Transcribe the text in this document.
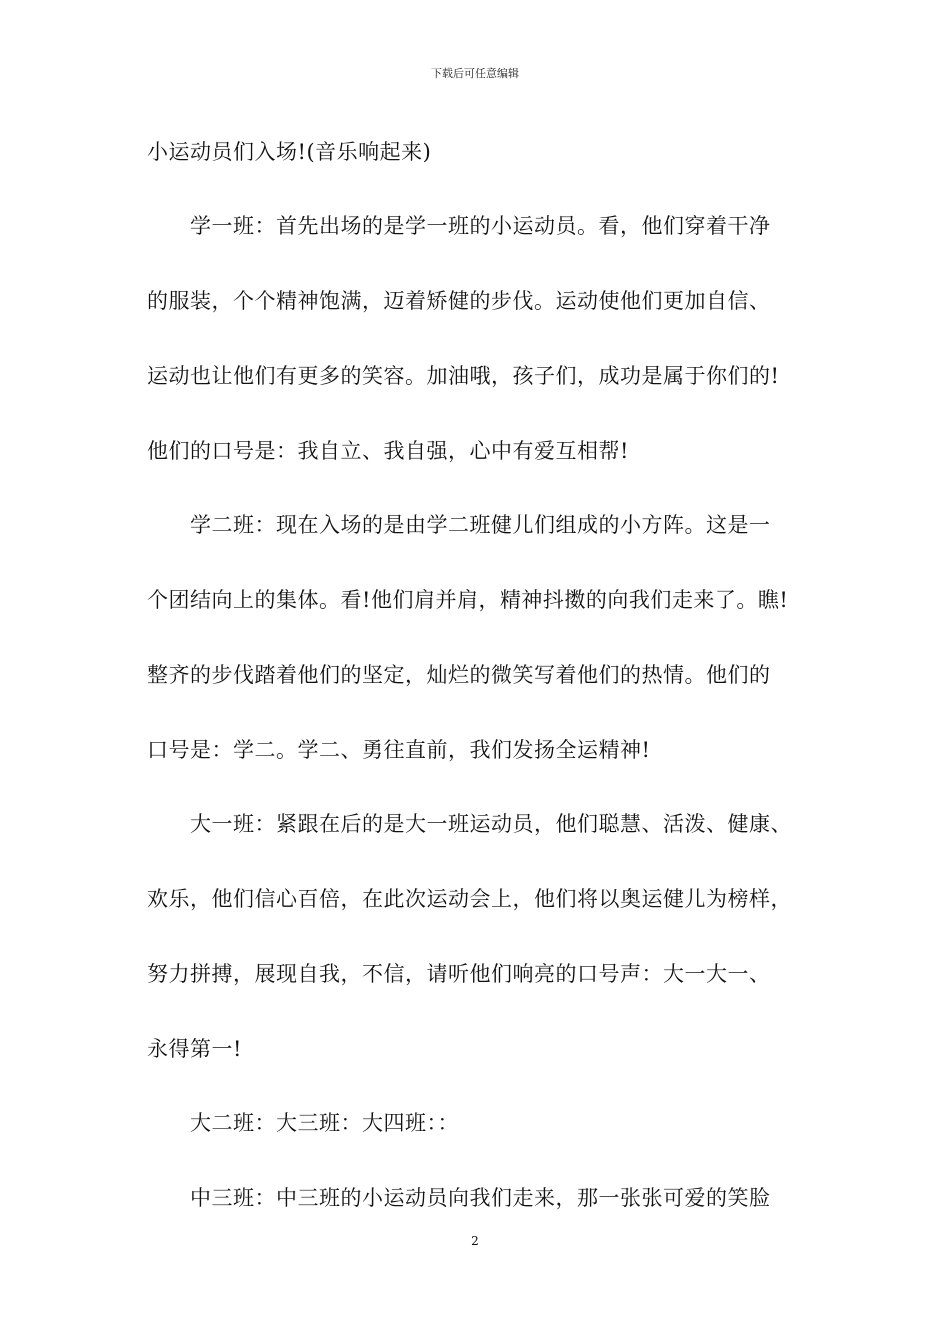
下载后可任意编辑
小运动员们入场!(音乐响起来)
学一班：首先出场的是学一班的小运动员。看，他们穿着干净
的服装，个个精神饱满，迈着矫健的步伐。运动使他们更加自信、
运动也让他们有更多的笑容。加油哦，孩子们，成功是属于你们的!
他们的口号是：我自立、我自强，心中有爱互相帮!
学二班：现在入场的是由学二班健儿们组成的小方阵。这是一
个团结向上的集体。看!他们肩并肩，精神抖擞的向我们走来了。瞧!
整齐的步伐踏着他们的坚定，灿烂的微笑写着他们的热情。他们的
口号是：学二。学二、勇往直前，我们发扬全运精神!
大一班：紧跟在后的是大一班运动员，他们聪慧、活泼、健康、
欢乐，他们信心百倍，在此次运动会上，他们将以奥运健儿为榜样，
努力拼搏，展现自我，不信，请听他们响亮的口号声：大一大一、
永得第一!
大二班：大三班：大四班：：
中三班：中三班的小运动员向我们走来，那一张张可爱的笑脸
2
